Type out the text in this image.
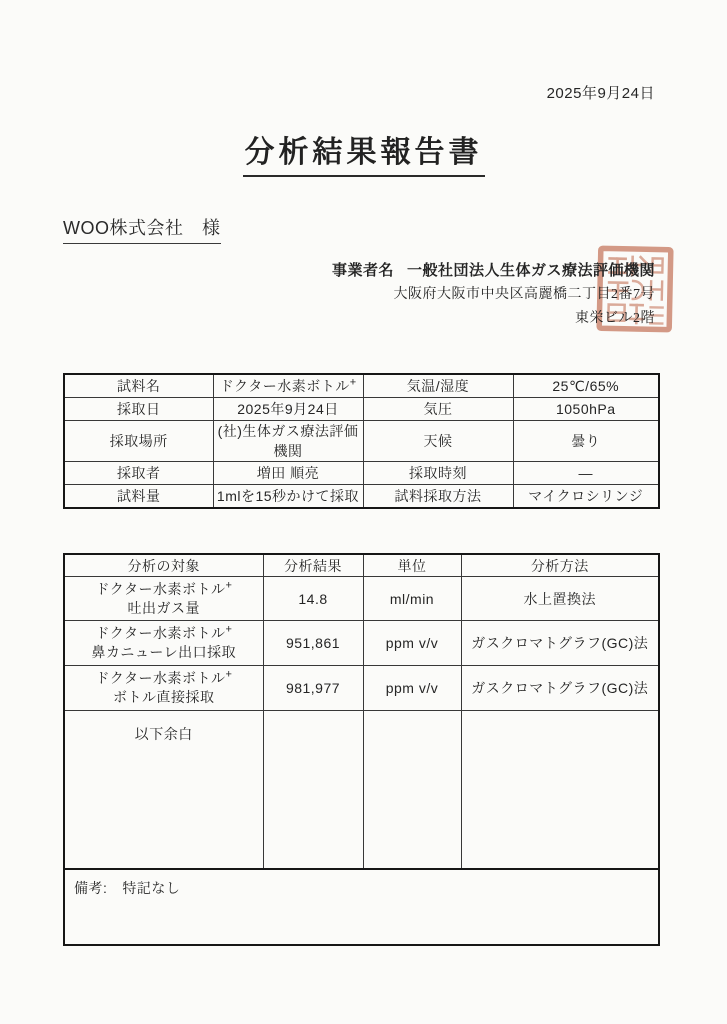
2025年9月24日
分析結果報告書
WOO株式会社　様
事業者名 一般社団法人生体ガス療法評価機関
大阪府大阪市中央区高麗橋二丁目2番7号
東栄ビル2階
試料名	ドクター水素ボトル+	気温/湿度	25℃/65%
採取日	2025年9月24日	気圧	1050hPa
採取場所	(社)生体ガス療法評価機関	天候	曇り
採取者	増田 順亮	採取時刻	―
試料量	1mlを15秒かけて採取	試料採取方法	マイクロシリンジ
分析の対象	分析結果	単位	分析方法

ドクター水素ボトル+
吐出ガス量	14.8	ml/min	水上置換法

ドクター水素ボトル+
鼻カニューレ出口採取	951,861	ppm v/v	ガスクロマトグラフ(GC)法

ドクター水素ボトル+
ボトル直接採取	981,977	ppm v/v	ガスクロマトグラフ(GC)法

以下余白			

備考: 特記なし			
